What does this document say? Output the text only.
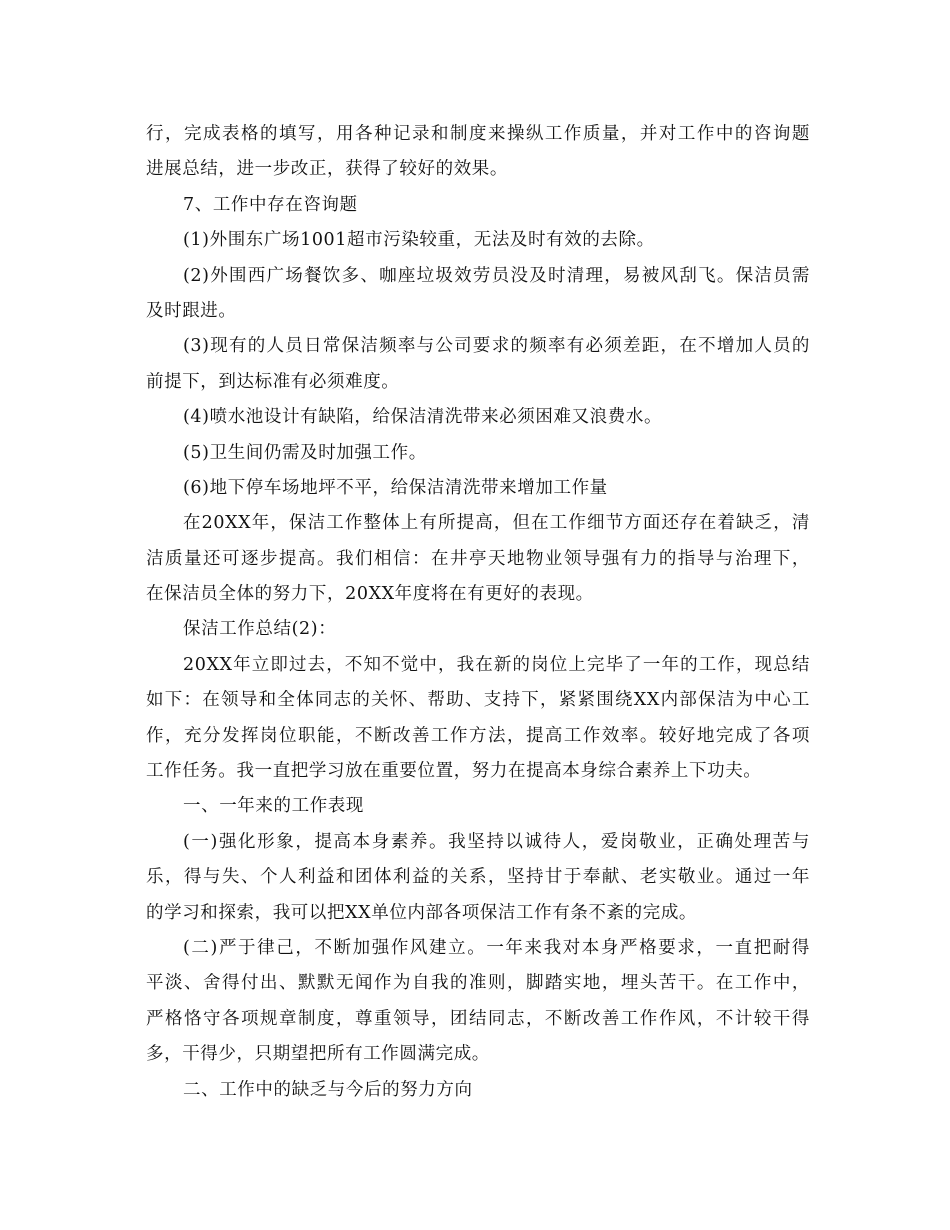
行，完成表格的填写，用各种记录和制度来操纵工作质量，并对工作中的咨询题
进展总结，进一步改正，获得了较好的效果。
7、工作中存在咨询题
(1)外围东广场1001超市污染较重，无法及时有效的去除。
(2)外围西广场餐饮多、咖座垃圾效劳员没及时清理，易被风刮飞。保洁员需
及时跟进。
(3)现有的人员日常保洁频率与公司要求的频率有必须差距，在不增加人员的
前提下，到达标准有必须难度。
(4)喷水池设计有缺陷，给保洁清洗带来必须困难又浪费水。
(5)卫生间仍需及时加强工作。
(6)地下停车场地坪不平，给保洁清洗带来增加工作量
在20XX年，保洁工作整体上有所提高，但在工作细节方面还存在着缺乏，清
洁质量还可逐步提高。我们相信：在井亭天地物业领导强有力的指导与治理下，
在保洁员全体的努力下，20XX年度将在有更好的表现。
保洁工作总结(2)：
20XX年立即过去，不知不觉中，我在新的岗位上完毕了一年的工作，现总结
如下：在领导和全体同志的关怀、帮助、支持下，紧紧围绕XX内部保洁为中心工
作，充分发挥岗位职能，不断改善工作方法，提高工作效率。较好地完成了各项
工作任务。我一直把学习放在重要位置，努力在提高本身综合素养上下功夫。
一、一年来的工作表现
(一)强化形象，提高本身素养。我坚持以诚待人，爱岗敬业，正确处理苦与
乐，得与失、个人利益和团体利益的关系，坚持甘于奉献、老实敬业。通过一年
的学习和探索，我可以把XX单位内部各项保洁工作有条不紊的完成。
(二)严于律己，不断加强作风建立。一年来我对本身严格要求，一直把耐得
平淡、舍得付出、默默无闻作为自我的准则，脚踏实地，埋头苦干。在工作中，
严格恪守各项规章制度，尊重领导，团结同志，不断改善工作作风，不计较干得
多，干得少，只期望把所有工作圆满完成。
二、工作中的缺乏与今后的努力方向
